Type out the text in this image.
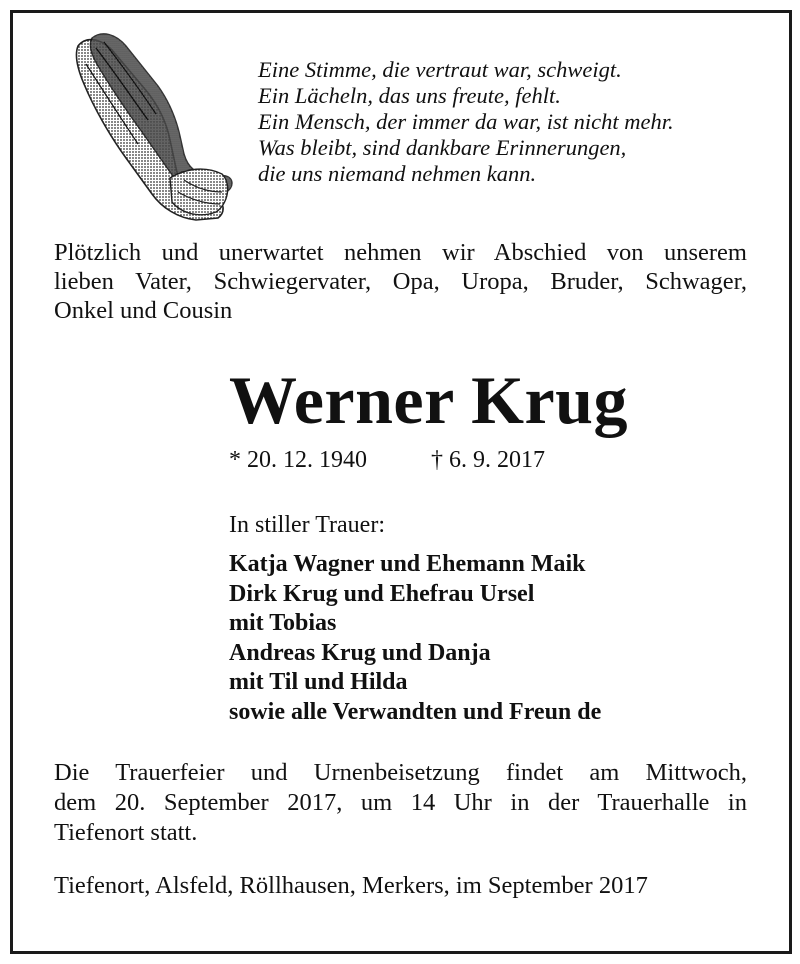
Eine Stimme, die vertraut war, schweigt.
Ein Lächeln, das uns freute, fehlt.
Ein Mensch, der immer da war, ist nicht mehr.
Was bleibt, sind dankbare Erinnerungen,
die uns niemand nehmen kann.
Plötzlich und unerwartet nehmen wir Abschied von unserem
lieben Vater, Schwiegervater, Opa, Uropa, Bruder, Schwager,
Onkel und Cousin
Werner Krug
* 20. 12. 1940	† 6. 9. 2017
In stiller Trauer:
Katja Wagner und Ehemann Maik
Dirk Krug und Ehefrau Ursel
mit Tobias
Andreas Krug und Danja
mit Til und Hilda
sowie alle Verwandten und Freun de
Die Trauerfeier und Urnenbeisetzung findet am Mittwoch,
dem 20. September 2017, um 14 Uhr in der Trauerhalle in
Tiefenort statt.
Tiefenort, Alsfeld, Röllhausen, Merkers, im September 2017
